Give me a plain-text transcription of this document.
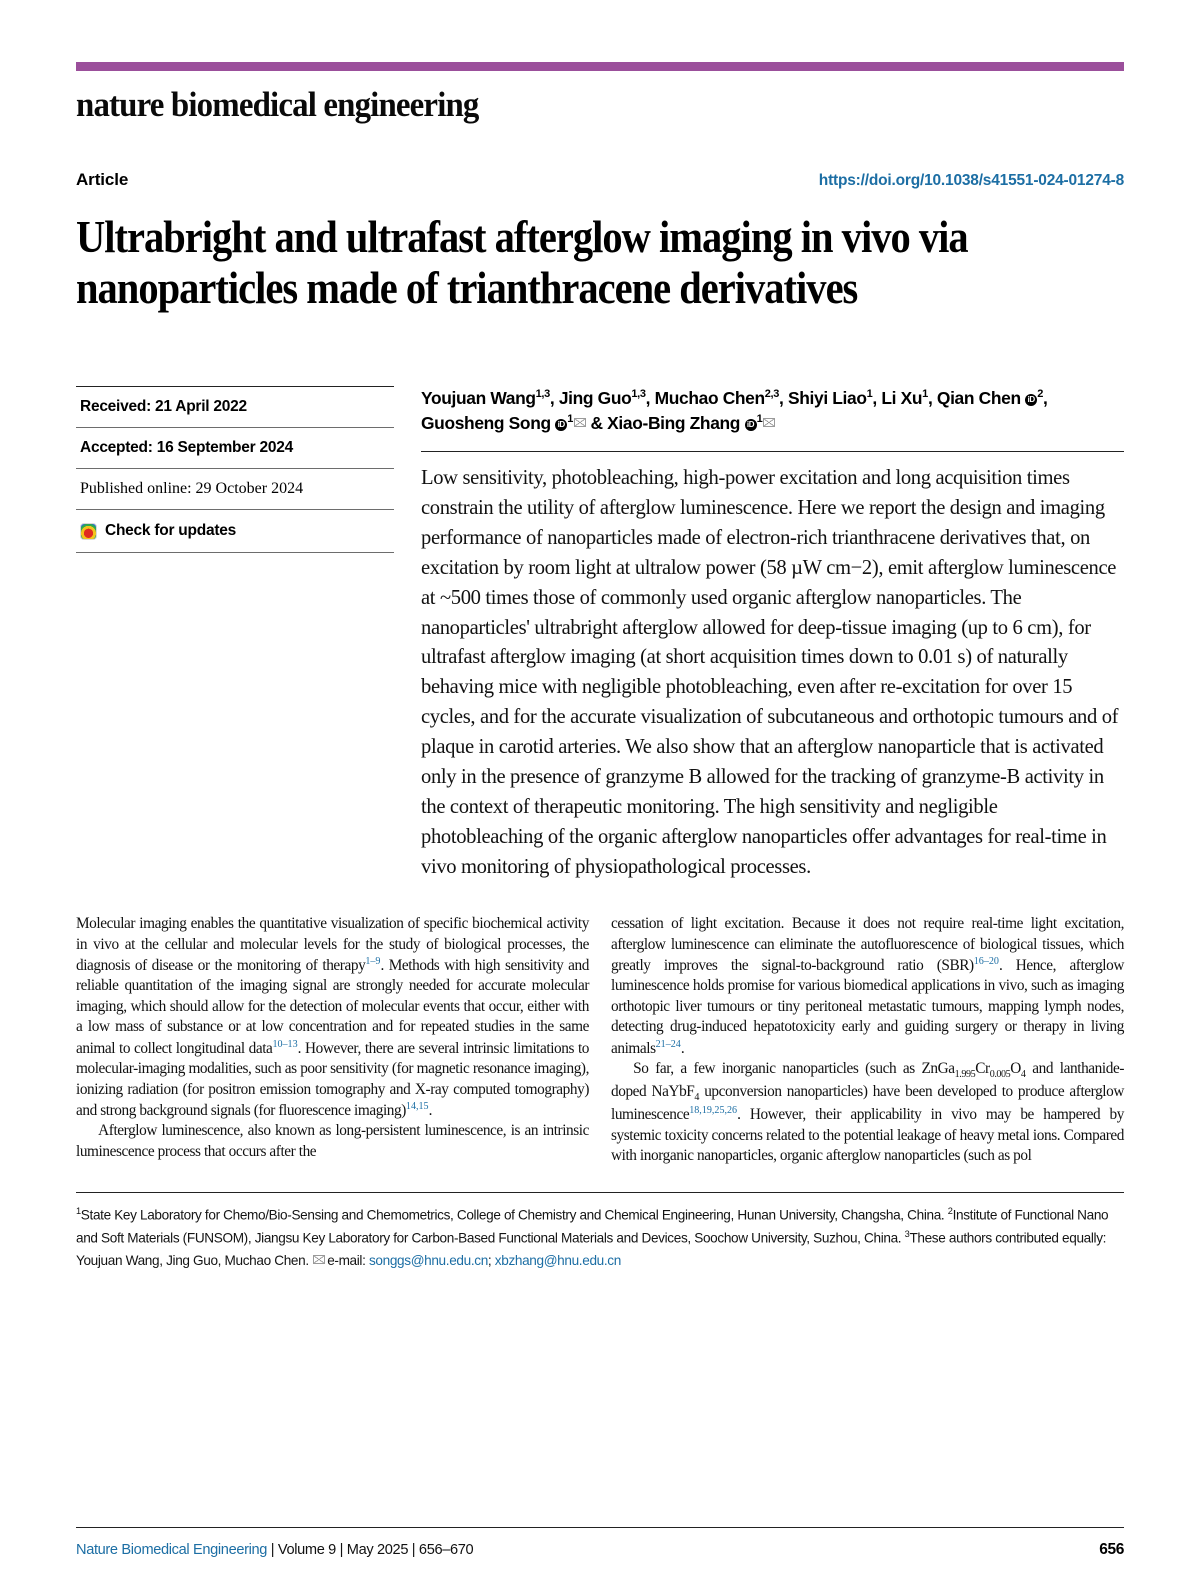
nature biomedical engineering
Article	https://doi.org/10.1038/s41551-024-01274-8
Ultrabright and ultrafast afterglow imaging in vivo via nanoparticles made of trianthracene derivatives
Received: 21 April 2022
Accepted: 16 September 2024
Published online: 29 October 2024
Check for updates
Youjuan Wang$^{1,3}$, Jing Guo$^{1,3}$, Muchao Chen$^{2,3}$, Shiyi Liao$^1$, Li Xu$^1$, Qian Chen iD $^2$,
Guosheng Song iD $^1$ & Xiao-Bing Zhang iD $^1$
Low sensitivity, photobleaching, high-power excitation and long acquisition times constrain the utility of afterglow luminescence. Here we report the design and imaging performance of nanoparticles made of electron-rich trianthracene derivatives that, on excitation by room light at ultralow power (58 µW cm−2), emit afterglow luminescence at ~500 times those of commonly used organic afterglow nanoparticles. The nanoparticles' ultrabright afterglow allowed for deep-tissue imaging (up to 6 cm), for ultrafast afterglow imaging (at short acquisition times down to 0.01 s) of naturally behaving mice with negligible photobleaching, even after re-excitation for over 15 cycles, and for the accurate visualization of subcutaneous and orthotopic tumours and of plaque in carotid arteries. We also show that an afterglow nanoparticle that is activated only in the presence of granzyme B allowed for the tracking of granzyme-B activity in the context of therapeutic monitoring. The high sensitivity and negligible photobleaching of the organic afterglow nanoparticles offer advantages for real-time in vivo monitoring of physiopathological processes.

Molecular imaging enables the quantitative visualization of specific biochemical activity in vivo at the cellular and molecular levels for the study of biological processes, the diagnosis of disease or the monitoring of therapy$^{1-9}$. Methods with high sensitivity and reliable quantitation of the imaging signal are strongly needed for accurate molecular imaging, which should allow for the detection of molecular events that occur, either with a low mass of substance or at low concentration and for repeated studies in the same animal to collect longitudinal data$^{10-13}$. However, there are several intrinsic limitations to molecular-imaging modalities, such as poor sensitivity (for magnetic resonance imaging), ionizing radiation (for positron emission tomography and X-ray computed tomography) and strong background signals (for fluorescence imaging)$^{14,15}$.

Afterglow luminescence, also known as long-persistent luminescence, is an intrinsic luminescence process that occurs after the

cessation of light excitation. Because it does not require real-time light excitation, afterglow luminescence can eliminate the autofluorescence of biological tissues, which greatly improves the signal-to-background ratio (SBR)$^{16-20}$. Hence, afterglow luminescence holds promise for various biomedical applications in vivo, such as imaging orthotopic liver tumours or tiny peritoneal metastatic tumours, mapping lymph nodes, detecting drug-induced hepatotoxicity early and guiding surgery or therapy in living animals$^{21-24}$.

So far, a few inorganic nanoparticles (such as $ZnGa_{1.995}Cr_{0.005}O_4$ and lanthanide-doped NaYbF$_4$ upconversion nanoparticles) have been developed to produce afterglow luminescence$^{18,19,25,26}$. However, their applicability in vivo may be hampered by systemic toxicity concerns related to the potential leakage of heavy metal ions. Compared with inorganic nanoparticles, organic afterglow nanoparticles (such as pol

$^1$State Key Laboratory for Chemo/Bio-Sensing and Chemometrics, College of Chemistry and Chemical Engineering, Hunan University, Changsha, China. $^2$Institute of Functional Nano and Soft Materials (FUNSOM), Jiangsu Key Laboratory for Carbon-Based Functional Materials and Devices, Soochow University, Suzhou, China. $^3$These authors contributed equally: Youjuan Wang, Jing Guo, Muchao Chen. e-mail: songgs@hnu.edu.cn; xbzhang@hnu.edu.cn
Nature Biomedical Engineering | Volume 9 | May 2025 | 656–670	656
